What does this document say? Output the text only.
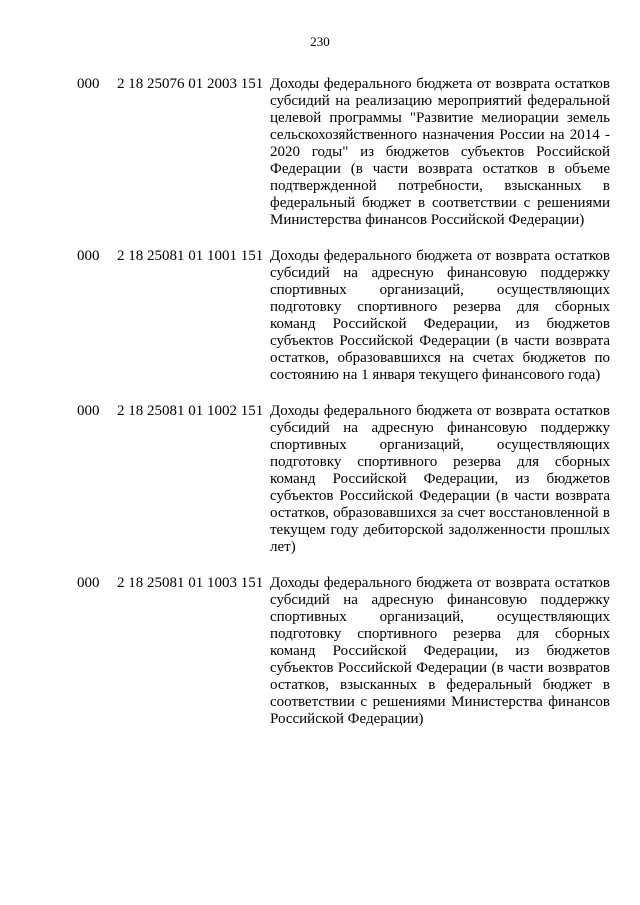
230
000	2 18 25076 01 2003 151 Доходы федерального бюджета от возврата остатков субсидий на реализацию мероприятий федеральной целевой программы "Развитие мелиорации земель сельскохозяйственного назначения России на 2014 - 2020 годы" из бюджетов субъектов Российской Федерации (в части возврата остатков в объеме подтвержденной потребности, взысканных в федеральный бюджет в соответствии с решениями Министерства финансов Российской Федерации)
000	2 18 25081 01 1001 151 Доходы федерального бюджета от возврата остатков субсидий на адресную финансовую поддержку спортивных организаций, осуществляющих подготовку спортивного резерва для сборных команд Российской Федерации, из бюджетов субъектов Российской Федерации (в части возврата остатков, образовавшихся на счетах бюджетов по состоянию на 1 января текущего финансового года)
000	2 18 25081 01 1002 151 Доходы федерального бюджета от возврата остатков субсидий на адресную финансовую поддержку спортивных организаций, осуществляющих подготовку спортивного резерва для сборных команд Российской Федерации, из бюджетов субъектов Российской Федерации (в части возврата остатков, образовавшихся за счет восстановленной в текущем году дебиторской задолженности прошлых лет)
000	2 18 25081 01 1003 151 Доходы федерального бюджета от возврата остатков субсидий на адресную финансовую поддержку спортивных организаций, осуществляющих подготовку спортивного резерва для сборных команд Российской Федерации, из бюджетов субъектов Российской Федерации (в части возвратов остатков, взысканных в федеральный бюджет в соответствии с решениями Министерства финансов Российской Федерации)
